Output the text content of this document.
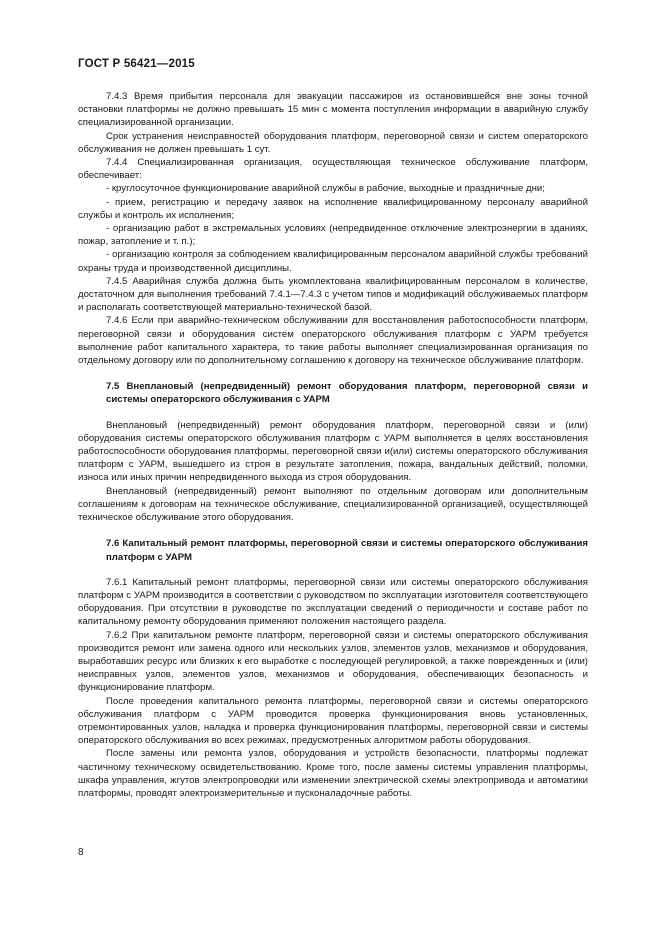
ГОСТ Р 56421—2015

7.4.3 Время прибытия персонала для эвакуации пассажиров из остановившейся вне зоны точной остановки платформы не должно превышать 15 мин с момента поступления информации в аварийную службу специализированной организации.

Срок устранения неисправностей оборудования платформ, переговорной связи и систем операторского обслуживания не должен превышать 1 сут.

7.4.4 Специализированная организация, осуществляющая техническое обслуживание платформ, обеспечивает:

- круглосуточное функционирование аварийной службы в рабочие, выходные и праздничные дни;

- прием, регистрацию и передачу заявок на исполнение квалифицированному персоналу аварийной службы и контроль их исполнения;

- организацию работ в экстремальных условиях (непредвиденное отключение электроэнергии в зданиях, пожар, затопление и т. п.);

- организацию контроля за соблюдением квалифицированным персоналом аварийной службы требований охраны труда и производственной дисциплины.

7.4.5 Аварийная служба должна быть укомплектована квалифицированным персоналом в количестве, достаточном для выполнения требований 7.4.1—7.4.3 с учетом типов и модификаций обслуживаемых платформ и располагать соответствующей материально-технической базой.

7.4.6 Если при аварийно-техническом обслуживании для восстановления работоспособности платформ, переговорной связи и оборудования систем операторского обслуживания платформ с УАРМ требуется выполнение работ капитального характера, то такие работы выполняет специализированная организация по отдельному договору или по дополнительному соглашению к договору на техническое обслуживание платформ.

7.5 Внеплановый (непредвиденный) ремонт оборудования платформ, переговорной связи и системы операторского обслуживания с УАРМ

Внеплановый (непредвиденный) ремонт оборудования платформ, переговорной связи и (или) оборудования системы операторского обслуживания платформ с УАРМ выполняется в целях восстановления работоспособности оборудования платформы, переговорной связи и(или) системы операторского обслуживания платформ с УАРМ, вышедшего из строя в результате затопления, пожара, вандальных действий, поломки, износа или иных причин непредвиденного выхода из строя оборудования.

Внеплановый (непредвиденный) ремонт выполняют по отдельным договорам или дополнительным соглашениям к договорам на техническое обслуживание, специализированной организацией, осуществляющей техническое обслуживание этого оборудования.

7.6 Капитальный ремонт платформы, переговорной связи и системы операторского обслуживания платформ с УАРМ

7.6.1 Капитальный ремонт платформы, переговорной связи или системы операторского обслуживания платформ с УАРМ производится в соответствии с руководством по эксплуатации изготовителя соответствующего оборудования. При отсутствии в руководстве по эксплуатации сведений о периодичности и составе работ по капитальному ремонту оборудования применяют положения настоящего раздела.

7.6.2 При капитальном ремонте платформ, переговорной связи и системы операторского обслуживания производится ремонт или замена одного или нескольких узлов, элементов узлов, механизмов и оборудования, выработавших ресурс или близких к его выработке с последующей регулировкой, а также поврежденных и (или) неисправных узлов, элементов узлов, механизмов и оборудования, обеспечивающих безопасность и функционирование платформ.

После проведения капитального ремонта платформы, переговорной связи и системы операторского обслуживания платформ с УАРМ проводится проверка функционирования вновь установленных, отремонтированных узлов, наладка и проверка функционирования платформы, переговорной связи и системы операторского обслуживания во всех режимах, предусмотренных алгоритмом работы оборудования.

После замены или ремонта узлов, оборудования и устройств безопасности, платформы подлежат частичному техническому освидетельствованию. Кроме того, после замены системы управления платформы, шкафа управления, жгутов электропроводки или изменении электрической схемы электропривода и автоматики платформы, проводят электроизмерительные и пусконаладочные работы.

8
